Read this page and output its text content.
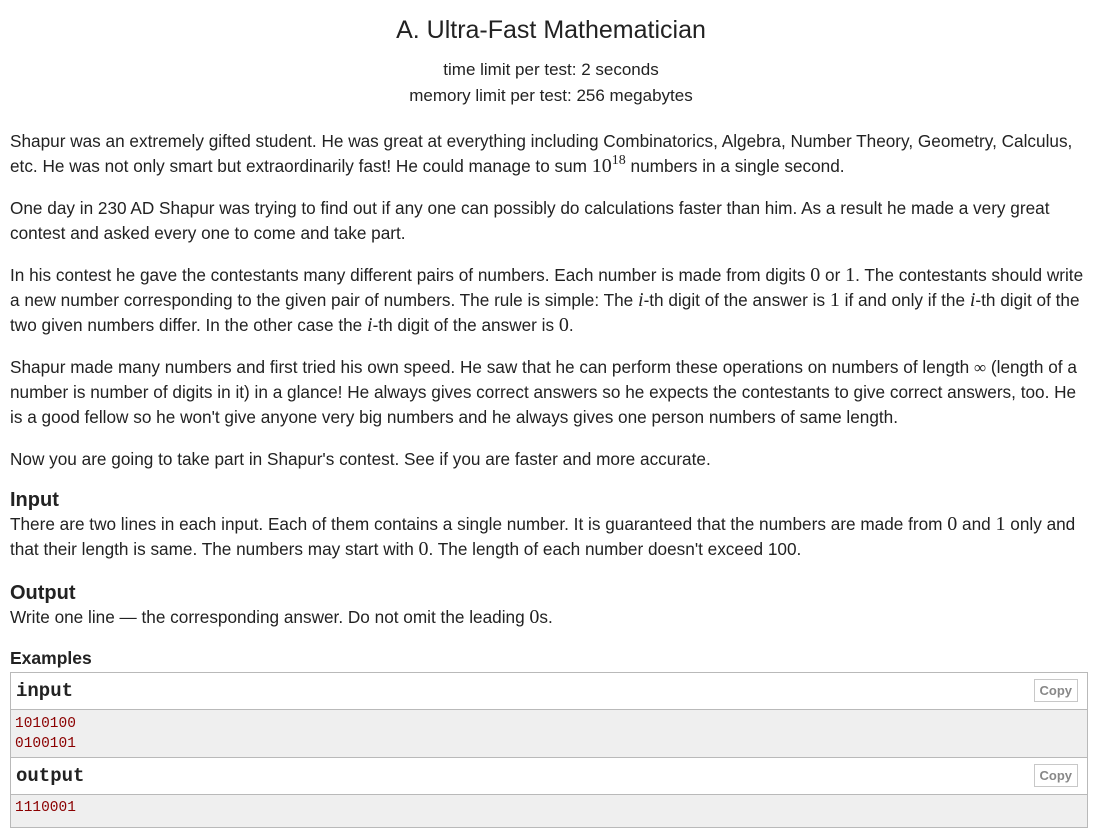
A. Ultra-Fast Mathematician
time limit per test: 2 seconds
memory limit per test: 256 megabytes

Shapur was an extremely gifted student. He was great at everything including Combinatorics, Algebra, Number Theory, Geometry, Calculus, etc. He was not only smart but extraordinarily fast! He could manage to sum $10^{18}$ numbers in a single second.

One day in 230 AD Shapur was trying to find out if any one can possibly do calculations faster than him. As a result he made a very great contest and asked every one to come and take part.

In his contest he gave the contestants many different pairs of numbers. Each number is made from digits 0 or 1. The contestants should write a new number corresponding to the given pair of numbers. The rule is simple: The i-th digit of the answer is 1 if and only if the i-th digit of the two given numbers differ. In the other case the i-th digit of the answer is 0.

Shapur made many numbers and first tried his own speed. He saw that he can perform these operations on numbers of length ∞ (length of a number is number of digits in it) in a glance! He always gives correct answers so he expects the contestants to give correct answers, too. He is a good fellow so he won't give anyone very big numbers and he always gives one person numbers of same length.

Now you are going to take part in Shapur's contest. See if you are faster and more accurate.

Input

There are two lines in each input. Each of them contains a single number. It is guaranteed that the numbers are made from 0 and 1 only and that their length is same. The numbers may start with 0. The length of each number doesn't exceed 100.

Output

Write one line — the corresponding answer. Do not omit the leading 0s.

Examples
input	Copy
1010100
0100101
output	Copy
1110001
